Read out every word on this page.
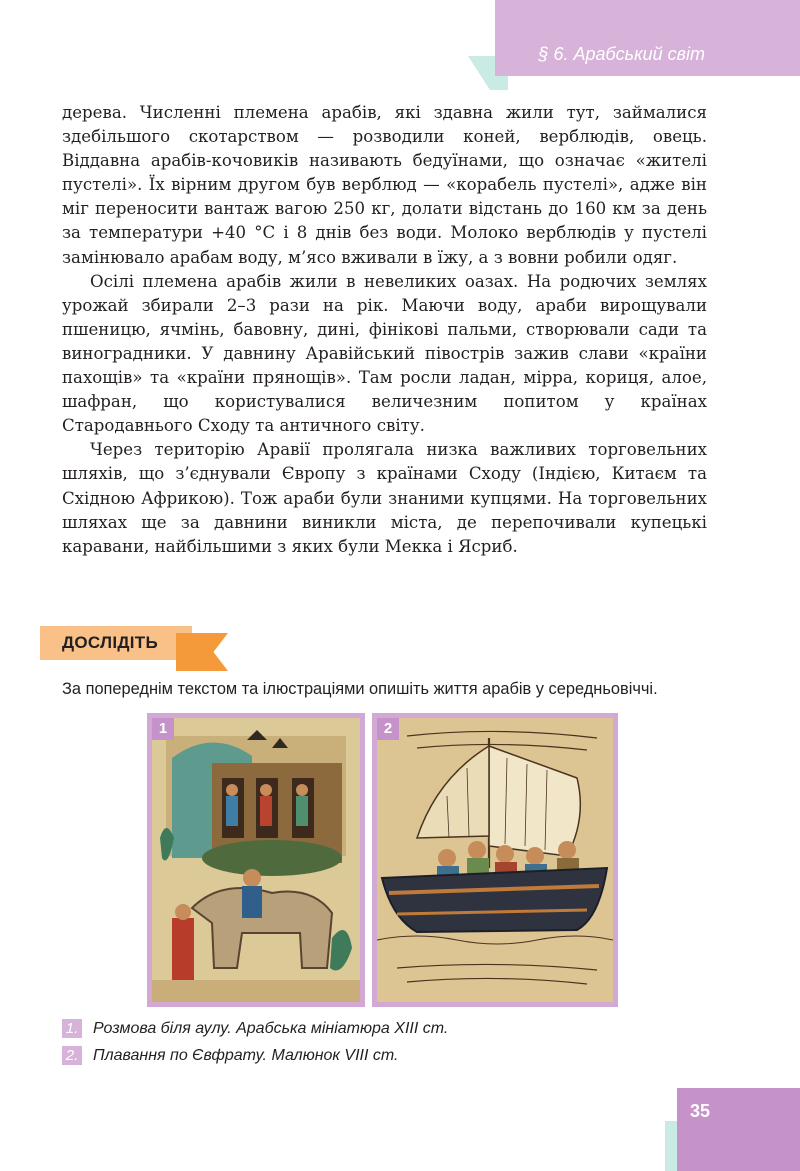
§ 6. Арабський світ

дерева. Численні племена арабів, які здавна жили тут, займалися здебільшого скотарством — розводили коней, верблюдів, овець. Віддавна арабів-кочовиків називають бедуїнами, що означає «жителі пустелі». Їх вірним другом був верблюд — «корабель пустелі», адже він міг переносити вантаж вагою 250 кг, долати відстань до 160 км за день за температури +40 °С і 8 днів без води. Молоко верблюдів у пустелі замінювало арабам воду, м’ясо вживали в їжу, а з вовни робили одяг.

Осілі племена арабів жили в невеликих оазах. На родючих землях урожай збирали 2–3 рази на рік. Маючи воду, араби вирощували пшеницю, ячмінь, бавовну, дині, фінікові пальми, створювали сади та виноградники. У давнину Аравійський півострів зажив слави «країни пахощів» та «країни прянощів». Там росли ладан, мірра, кориця, алое, шафран, що користувалися величезним попитом у країнах Стародавнього Сходу та античного світу.

Через територію Аравії пролягала низка важливих торговельних шляхів, що з’єднували Європу з країнами Сходу (Індією, Китаєм та Східною Африкою). Тож араби були знаними купцями. На торговельних шляхах ще за давнини виникли міста, де перепочивали купецькі каравани, найбільшими з яких були Мекка і Ясриб.

ДОСЛІДІТЬ
За попереднім текстом та ілюстраціями опишіть життя арабів у середньовіччі.
1	2
1. Розмова біля аулу. Арабська мініатюра XIII ст.
2. Плавання по Євфрату. Малюнок VIII ст.
35
